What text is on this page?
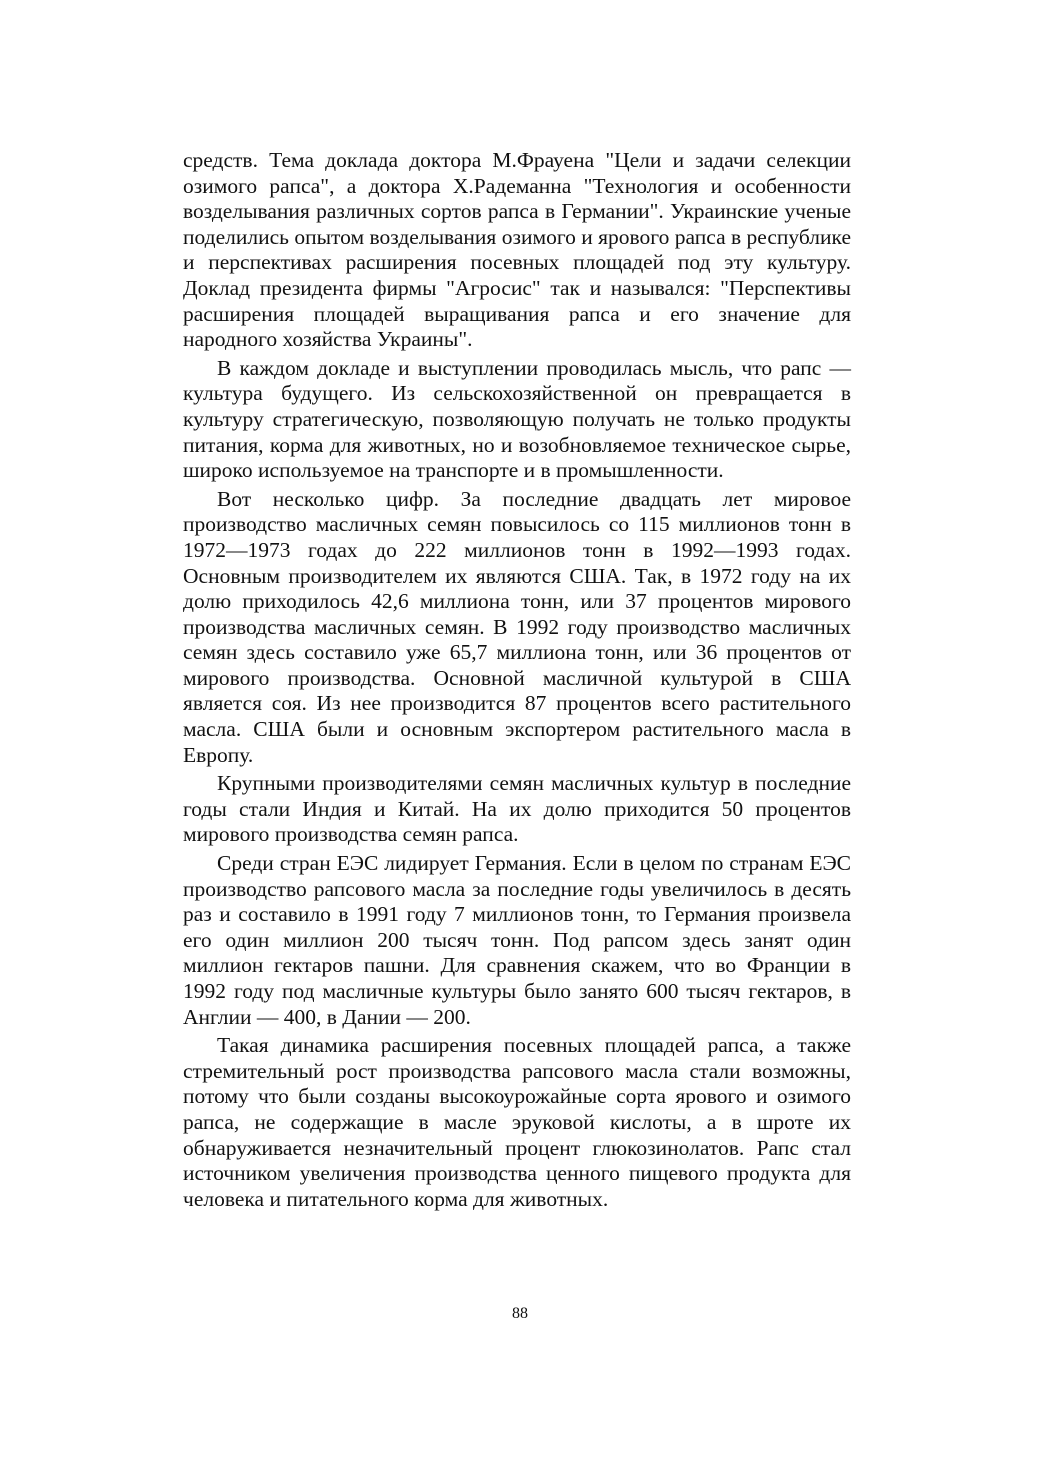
средств. Тема доклада доктора М.Фрауена "Цели и задачи селекции озимого рапса", а доктора Х.Радеманна "Технология и особенности возделывания различных сортов рапса в Германии". Украинские ученые поделились опытом возделывания озимого и ярового рапса в республике и перспективах расширения посевных площадей под эту культуру. Доклад президента фирмы "Агросис" так и назывался: "Перспективы расширения площадей выращивания рапса и его значение для народного хозяйства Украины".

В каждом докладе и выступлении проводилась мысль, что рапс — культура будущего. Из сельскохозяйственной он превращается в культуру стратегическую, позволяющую получать не только продукты питания, корма для животных, но и возобновляемое техническое сырье, широко используемое на транспорте и в промышленности.

Вот несколько цифр. За последние двадцать лет мировое производство масличных семян повысилось со 115 миллионов тонн в 1972—1973 годах до 222 миллионов тонн в 1992—1993 годах. Основным производителем их являются США. Так, в 1972 году на их долю приходилось 42,6 миллиона тонн, или 37 процентов мирового производства масличных семян. В 1992 году производство масличных семян здесь составило уже 65,7 миллиона тонн, или 36 процентов от мирового производства. Основной масличной культурой в США является соя. Из нее производится 87 процентов всего растительного масла. США были и основным экспортером растительного масла в Европу.

Крупными производителями семян масличных культур в последние годы стали Индия и Китай. На их долю приходится 50 процентов мирового производства семян рапса.

Среди стран ЕЭС лидирует Германия. Если в целом по странам ЕЭС производство рапсового масла за последние годы увеличилось в десять раз и составило в 1991 году 7 миллионов тонн, то Германия произвела его один миллион 200 тысяч тонн. Под рапсом здесь занят один миллион гектаров пашни. Для сравнения скажем, что во Франции в 1992 году под масличные культуры было занято 600 тысяч гектаров, в Англии — 400, в Дании — 200.

Такая динамика расширения посевных площадей рапса, а также стремительный рост производства рапсового масла стали возможны, потому что были созданы высокоурожайные сорта ярового и озимого рапса, не содержащие в масле эруковой кислоты, а в шроте их обнаруживается незначительный процент глюкозинолатов. Рапс стал источником увеличения производства ценного пищевого продукта для человека и питательного корма для животных.

88
